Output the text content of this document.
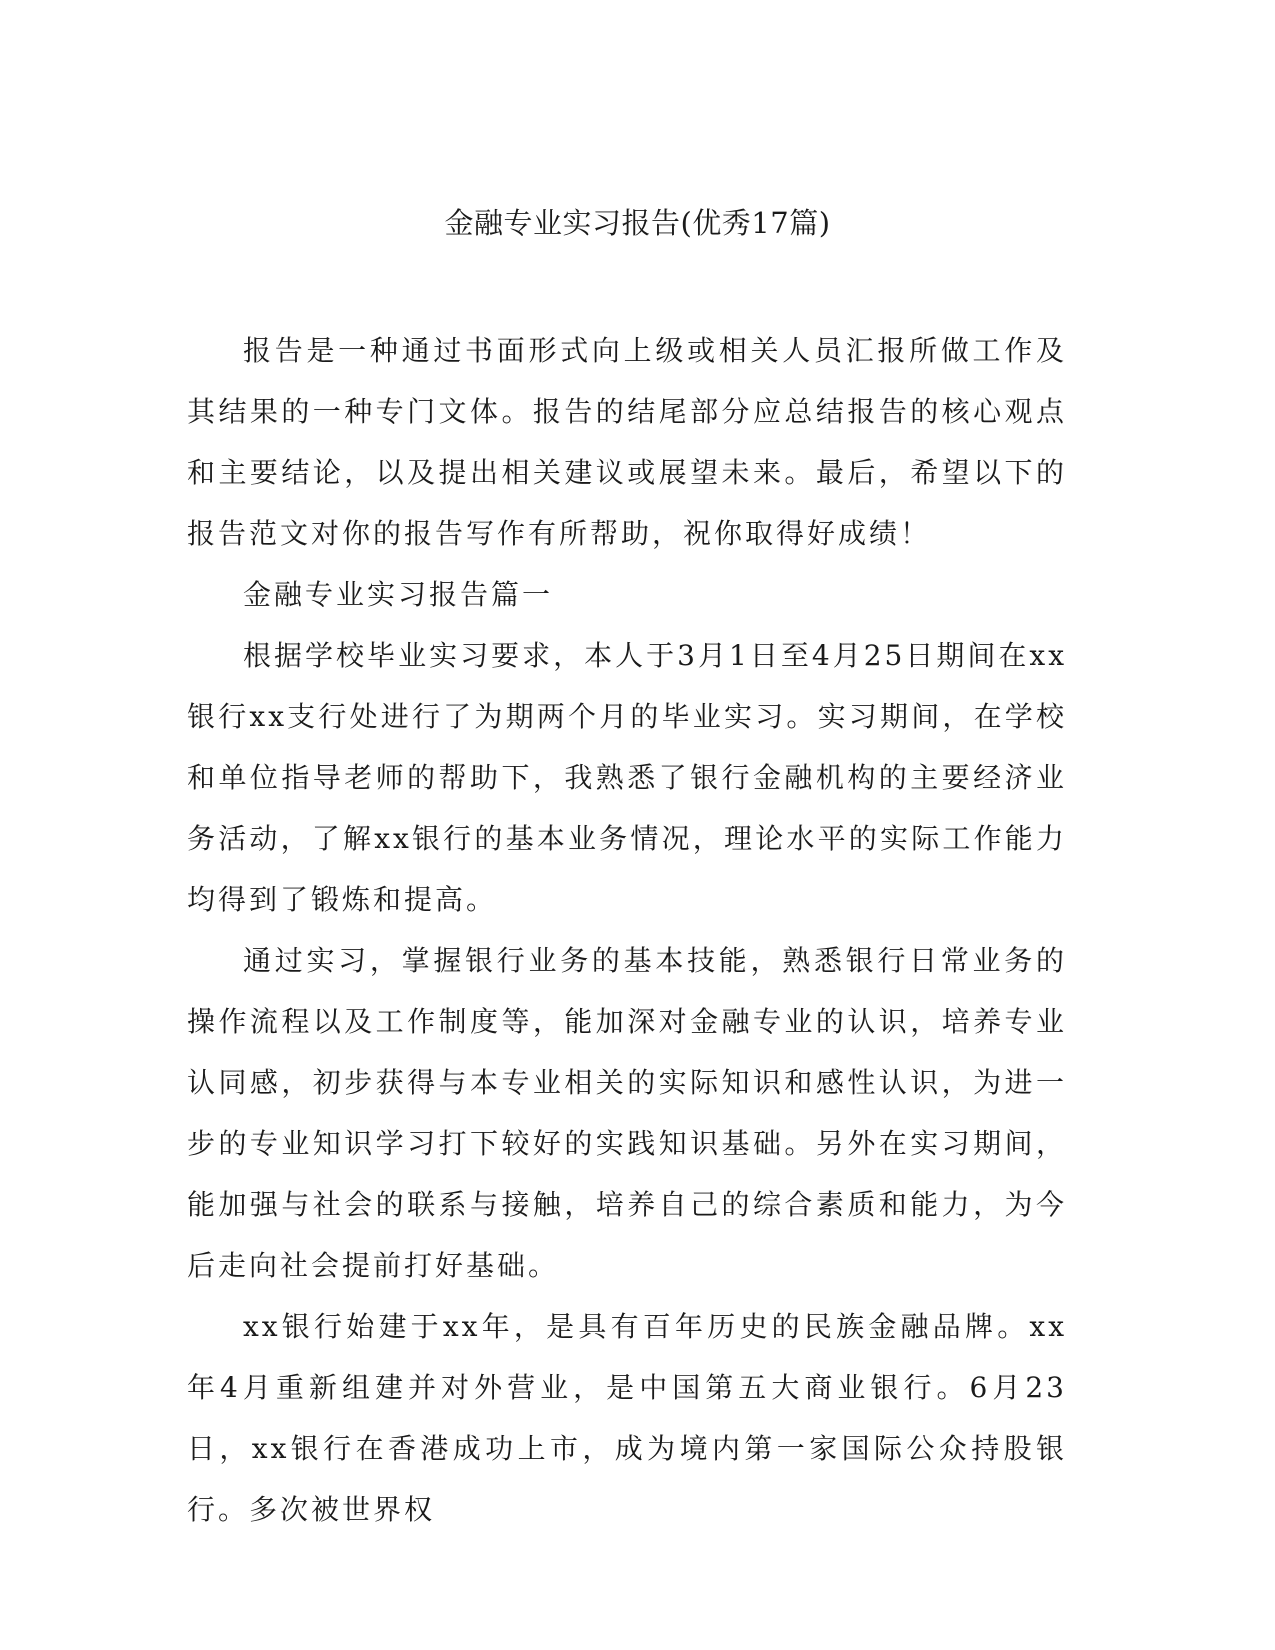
金融专业实习报告(优秀17篇)

报告是一种通过书面形式向上级或相关人员汇报所做工作及其结果的一种专门文体。报告的结尾部分应总结报告的核心观点和主要结论，以及提出相关建议或展望未来。最后，希望以下的报告范文对你的报告写作有所帮助，祝你取得好成绩！

金融专业实习报告篇一

根据学校毕业实习要求，本人于3月1日至4月25日期间在xx银行xx支行处进行了为期两个月的毕业实习。实习期间，在学校和单位指导老师的帮助下，我熟悉了银行金融机构的主要经济业务活动，了解xx银行的基本业务情况，理论水平的实际工作能力均得到了锻炼和提高。

通过实习，掌握银行业务的基本技能，熟悉银行日常业务的操作流程以及工作制度等，能加深对金融专业的认识，培养专业认同感，初步获得与本专业相关的实际知识和感性认识，为进一步的专业知识学习打下较好的实践知识基础。另外在实习期间，能加强与社会的联系与接触，培养自己的综合素质和能力，为今后走向社会提前打好基础。

xx银行始建于xx年，是具有百年历史的民族金融品牌。xx年4月重新组建并对外营业，是中国第五大商业银行。6月23日，xx银行在香港成功上市，成为境内第一家国际公众持股银行。多次被世界权
